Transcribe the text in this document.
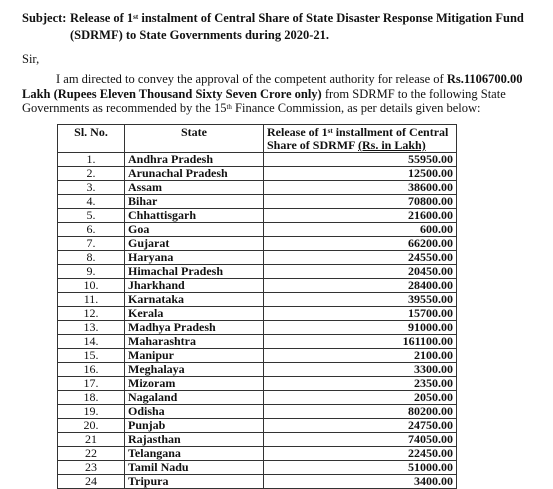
Subject: Release of 1st instalment of Central Share of State Disaster Response Mitigation Fund (SDRMF) to State Governments during 2020-21.
Sir,
I am directed to convey the approval of the competent authority for release of Rs.1106700.00 Lakh (Rupees Eleven Thousand Sixty Seven Crore only) from SDRMF to the following State Governments as recommended by the 15th Finance Commission, as per details given below:
Sl. No.	State	Release of 1st installment of Central Share of SDRMF (Rs. in Lakh)
1.	Andhra Pradesh	55950.00
2.	Arunachal Pradesh	12500.00
3.	Assam	38600.00
4.	Bihar	70800.00
5.	Chhattisgarh	21600.00
6.	Goa	600.00
7.	Gujarat	66200.00
8.	Haryana	24550.00
9.	Himachal Pradesh	20450.00
10.	Jharkhand	28400.00
11.	Karnataka	39550.00
12.	Kerala	15700.00
13.	Madhya Pradesh	91000.00
14.	Maharashtra	161100.00
15.	Manipur	2100.00
16.	Meghalaya	3300.00
17.	Mizoram	2350.00
18.	Nagaland	2050.00
19.	Odisha	80200.00
20.	Punjab	24750.00
21	Rajasthan	74050.00
22	Telangana	22450.00
23	Tamil Nadu	51000.00
24	Tripura	3400.00
